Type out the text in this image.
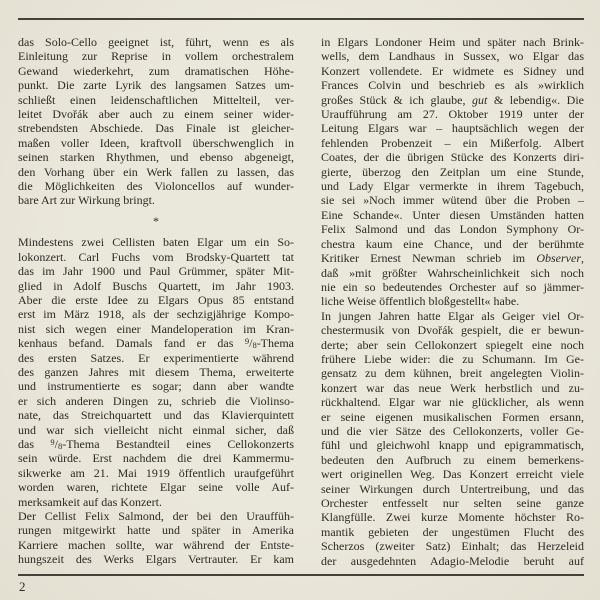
das Solo-Cello geeignet ist, führt, wenn es als
Einleitung zur Reprise in vollem orchestralem
Gewand wiederkehrt, zum dramatischen Höhe-
punkt. Die zarte Lyrik des langsamen Satzes um-
schließt einen leidenschaftlichen Mittelteil, ver-
leitet Dvořák aber auch zu einem seiner wider-
strebendsten Abschiede. Das Finale ist gleicher-
maßen voller Ideen, kraftvoll überschwenglich in
seinen starken Rhythmen, und ebenso abgeneigt,
den Vorhang über ein Werk fallen zu lassen, das
die Möglichkeiten des Violoncellos auf wunder-
bare Art zur Wirkung bringt.
*
Mindestens zwei Cellisten baten Elgar um ein So-
lokonzert. Carl Fuchs vom Brodsky-Quartett tat
das im Jahr 1900 und Paul Grümmer, später Mit-
glied in Adolf Buschs Quartett, im Jahr 1903.
Aber die erste Idee zu Elgars Opus 85 entstand
erst im März 1918, als der sechzigjährige Kompo-
nist sich wegen einer Mandeloperation im Kran-
kenhaus befand. Damals fand er das $^9$/8-Thema
des ersten Satzes. Er experimentierte während
des ganzen Jahres mit diesem Thema, erweiterte
und instrumentierte es sogar; dann aber wandte
er sich anderen Dingen zu, schrieb die Violinso-
nate, das Streichquartett und das Klavierquintett
und war sich vielleicht nicht einmal sicher, daß
das $^9$/8-Thema Bestandteil eines Cellokonzerts
sein würde. Erst nachdem die drei Kammermu-
sikwerke am 21. Mai 1919 öffentlich uraufgeführt
worden waren, richtete Elgar seine volle Auf-
merksamkeit auf das Konzert.
Der Cellist Felix Salmond, der bei den Urauffüh-
rungen mitgewirkt hatte und später in Amerika
Karriere machen sollte, war während der Entste-
hungszeit des Werks Elgars Vertrauter. Er kam
in Elgars Londoner Heim und später nach Brink-
wells, dem Landhaus in Sussex, wo Elgar das
Konzert vollendete. Er widmete es Sidney und
Frances Colvin und beschrieb es als »wirklich
großes Stück & ich glaube, gut & lebendig«. Die
Uraufführung am 27. Oktober 1919 unter der
Leitung Elgars war – hauptsächlich wegen der
fehlenden Probenzeit – ein Mißerfolg. Albert
Coates, der die übrigen Stücke des Konzerts diri-
gierte, überzog den Zeitplan um eine Stunde,
und Lady Elgar vermerkte in ihrem Tagebuch,
sie sei »Noch immer wütend über die Proben –
Eine Schande«. Unter diesen Umständen hatten
Felix Salmond und das London Symphony Or-
chestra kaum eine Chance, und der berühmte
Kritiker Ernest Newman schrieb im Observer,
daß »mit größter Wahrscheinlichkeit sich noch
nie ein so bedeutendes Orchester auf so jämmer-
liche Weise öffentlich bloßgestellt« habe.
In jungen Jahren hatte Elgar als Geiger viel Or-
chestermusik von Dvořák gespielt, die er bewun-
derte; aber sein Cellokonzert spiegelt eine noch
frühere Liebe wider: die zu Schumann. Im Ge-
gensatz zu dem kühnen, breit angelegten Violin-
konzert war das neue Werk herbstlich und zu-
rückhaltend. Elgar war nie glücklicher, als wenn
er seine eigenen musikalischen Formen ersann,
und die vier Sätze des Cellokonzerts, voller Ge-
fühl und gleichwohl knapp und epigrammatisch,
bedeuten den Aufbruch zu einem bemerkens-
wert originellen Weg. Das Konzert erreicht viele
seiner Wirkungen durch Untertreibung, und das
Orchester entfesselt nur selten seine ganze
Klangfülle. Zwei kurze Momente höchster Ro-
mantik gebieten der ungestümen Flucht des
Scherzos (zweiter Satz) Einhalt; das Herzeleid
der ausgedehnten Adagio-Melodie beruht auf
2
